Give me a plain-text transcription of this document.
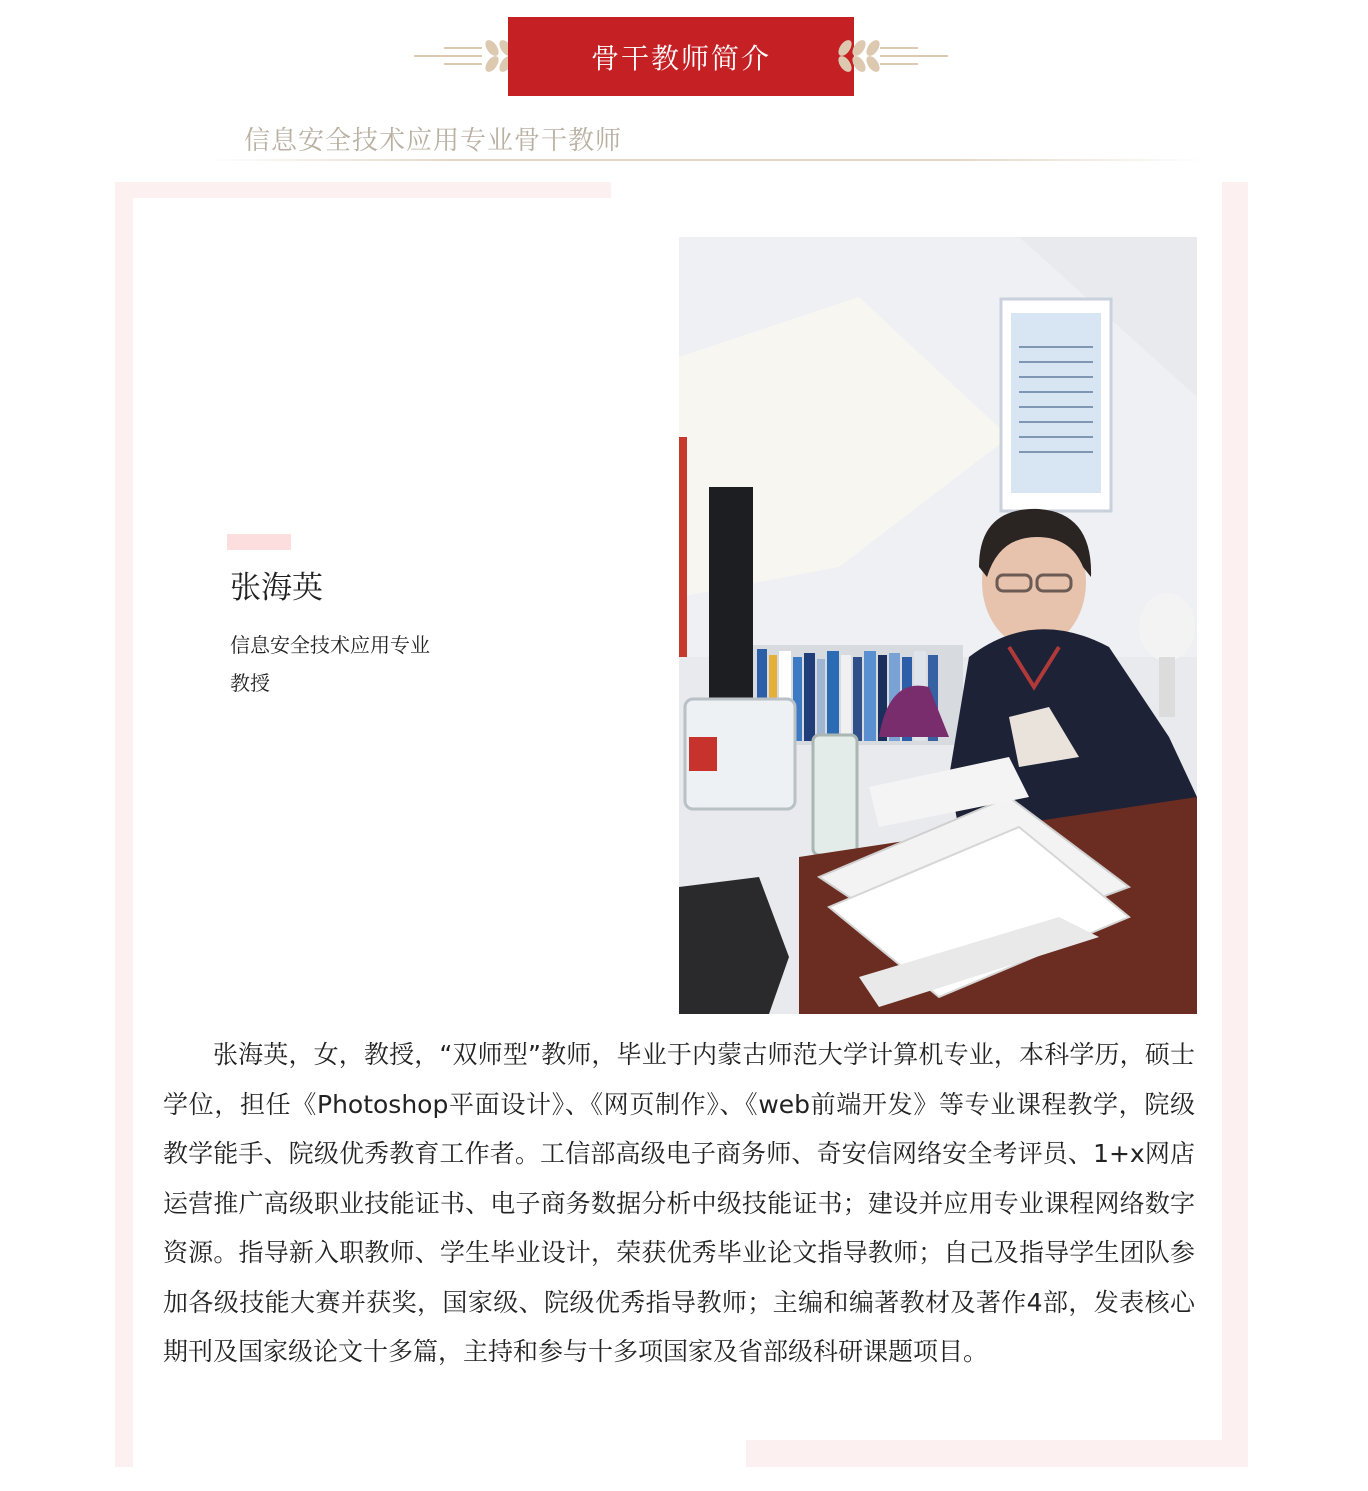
骨干教师简介
信息安全技术应用专业骨干教师
张海英
信息安全技术应用专业
教授

张海英，女，教授，“双师型”教师，毕业于内蒙古师范大学计算机专业，本科学历，硕士学位，担任《Photoshop平面设计》、《网页制作》、《web前端开发》等专业课程教学，院级教学能手、院级优秀教育工作者。工信部高级电子商务师、奇安信网络安全考评员、1+x网店运营推广高级职业技能证书、电子商务数据分析中级技能证书；建设并应用专业课程网络数字资源。指导新入职教师、学生毕业设计，荣获优秀毕业论文指导教师；自己及指导学生团队参加各级技能大赛并获奖，国家级、院级优秀指导教师；主编和编著教材及著作4部，发表核心期刊及国家级论文十多篇，主持和参与十多项国家及省部级科研课题项目。
